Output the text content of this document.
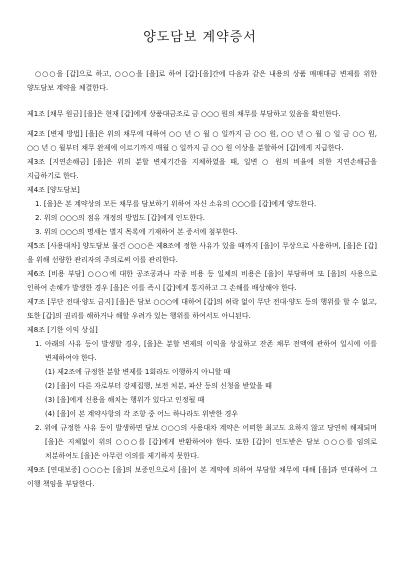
양도담보 계약증서
○○○을 [갑]으로 하고, ○○○을 [을]로 하여 [갑]·[을]간에 다음과 같은 내용의 상품 매매대금 변제를 위한 양도담보 계약을 체결한다.

제1조 [채무 원금] [을]은 현재 [갑]에게 상품대금조로 금 ○○○ 원의 채무를 부담하고 있음을 확인한다.

제2조 [변제 방법] [을]은 위의 채무에 대하여 ○○ 년 ○ 월 ○ 일까지 금 ○○ 원, ○○ 년 ○ 월 ○ 일 금 ○○ 원, ○○ 년 ○ 월부터 채무 완제에 이르기까지 매월 ○ 일까지 금 ○○ 원 이상을 분할하여 [갑]에게 지급한다.

제3조 [지연손해금] [을]은 위의 분할 변제기간을 지체하였을 때, 일변 ○ 원의 비율에 의한 지연손해금을 지급하기로 한다.

제4조 [양도담보]

1. [을]은 본 계약상의 모든 채무를 담보하기 위하여 자신 소유의 ○○○를 [갑]에게 양도한다.

2. 위의 ○○○의 점유 개정의 방법도 [갑]에게 인도한다.

3. 위의 ○○○의 명세는 별지 목록에 기재하여 본 증서에 첨부한다.

제5조 [사용대차] 양도담보 물건 ○○○은 제8조에 정한 사유가 있을 때까지 [을]이 무상으로 사용하며, [을]은 [갑]을 위해 선량한 관리자의 주의로써 이를 관리한다.

제6조 [비용 부담] ○○○에 대한 공조공과나 각종 비용 등 일체의 비용은 [을]이 부담하며 또 [을]의 사용으로 인하여 손해가 발생한 경우 [을]은 이를 즉시 [갑]에게 통지하고 그 손해를 배상해야 한다.

제7조 [무단 전대·양도 금지] [을]은 담보 ○○○에 대하여 [갑]의 허락 없이 무단 전대·양도 등의 행위를 할 수 없고, 또한 [갑]의 권리를 해하거나 해할 우려가 있는 행위를 하여서도 아니된다.

제8조 [기한 이익 상실]

1. 아래의 사유 등이 발생할 경우, [을]은 분할 변제의 이익을 상실하고 잔존 채무 전액에 관하여 일시에 이를 변제하여야 한다.

(1) 제2조에 규정한 분할 변제를 1회라도 이행하지 아니할 때

(2) [을]이 다른 자로부터 강제집행, 보전 처분, 파산 등의 신청을 받았을 때

(3) [을]에게 신용을 해치는 행위가 있다고 인정될 때

(4) [을]이 본 계약사항의 각 조항 중 어느 하나라도 위반한 경우

2. 위에 규정한 사유 등이 발생하면 담보 ○○○의 사용대차 계약은 어떠한 최고도 요하지 않고 당연히 해제되며 [을]은 지체없이 위의 ○○○를 [갑]에게 반환하여야 한다. 또한 [갑]이 인도받은 담보 ○○○를 임의로 처분하여도 [을]은 아무런 이의를 제기하지 못한다.

제9조 [연대보증] ○○○는 [을]의 보증인으로서 [을]이 본 계약에 의하여 부담할 채무에 대해 [을]과 연대하여 그 이행 책임을 부담한다.
